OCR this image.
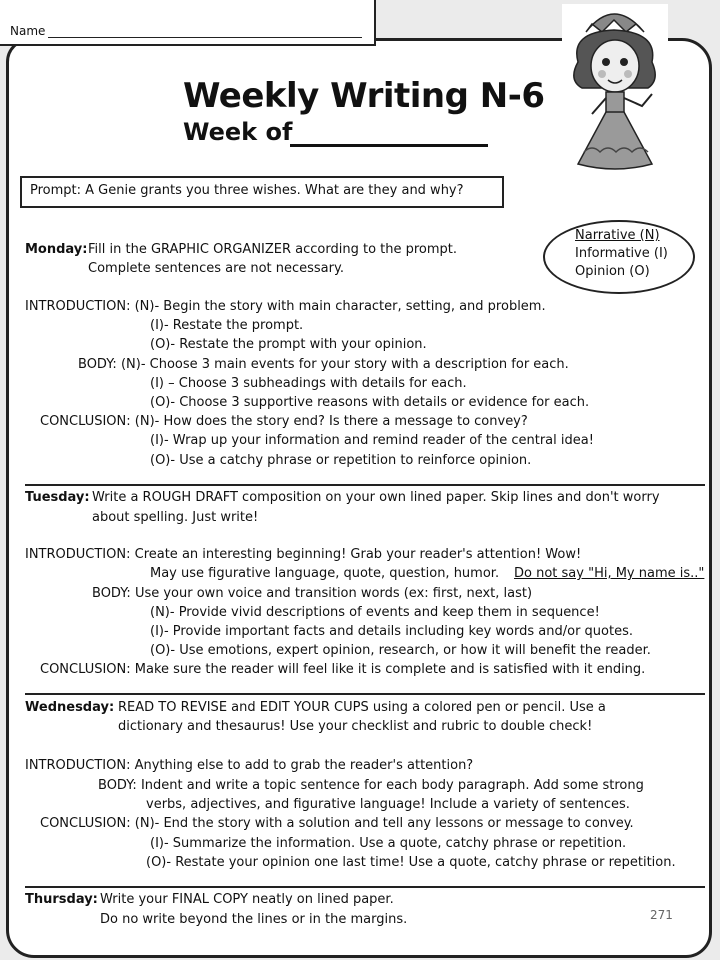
Name
Weekly Writing N-6
Week of
Prompt: A Genie grants you three wishes. What are they and why?
Narrative (N)
Informative (I)
Opinion (O)
Monday: Fill in the GRAPHIC ORGANIZER according to the prompt.
Complete sentences are not necessary.
INTRODUCTION: (N)- Begin the story with main character, setting, and problem.
(I)- Restate the prompt.
(O)- Restate the prompt with your opinion.
BODY: (N)- Choose 3 main events for your story with a description for each.
(I) – Choose 3 subheadings with details for each.
(O)- Choose 3 supportive reasons with details or evidence for each.
CONCLUSION: (N)- How does the story end? Is there a message to convey?
(I)- Wrap up your information and remind reader of the central idea!
(O)- Use a catchy phrase or repetition to reinforce opinion.
Tuesday: Write a ROUGH DRAFT composition on your own lined paper. Skip lines and don't worry
about spelling. Just write!
INTRODUCTION: Create an interesting beginning! Grab your reader's attention! Wow!
May use figurative language, quote, question, humor. Do not say "Hi, My name is.."
BODY: Use your own voice and transition words (ex: first, next, last)
(N)- Provide vivid descriptions of events and keep them in sequence!
(I)- Provide important facts and details including key words and/or quotes.
(O)- Use emotions, expert opinion, research, or how it will benefit the reader.
CONCLUSION: Make sure the reader will feel like it is complete and is satisfied with it ending.
Wednesday: READ TO REVISE and EDIT YOUR CUPS using a colored pen or pencil. Use a
dictionary and thesaurus! Use your checklist and rubric to double check!
INTRODUCTION: Anything else to add to grab the reader's attention?
BODY: Indent and write a topic sentence for each body paragraph. Add some strong
verbs, adjectives, and figurative language! Include a variety of sentences.
CONCLUSION: (N)- End the story with a solution and tell any lessons or message to convey.
(I)- Summarize the information. Use a quote, catchy phrase or repetition.
(O)- Restate your opinion one last time! Use a quote, catchy phrase or repetition.
Thursday: Write your FINAL COPY neatly on lined paper.
Do no write beyond the lines or in the margins.	271
